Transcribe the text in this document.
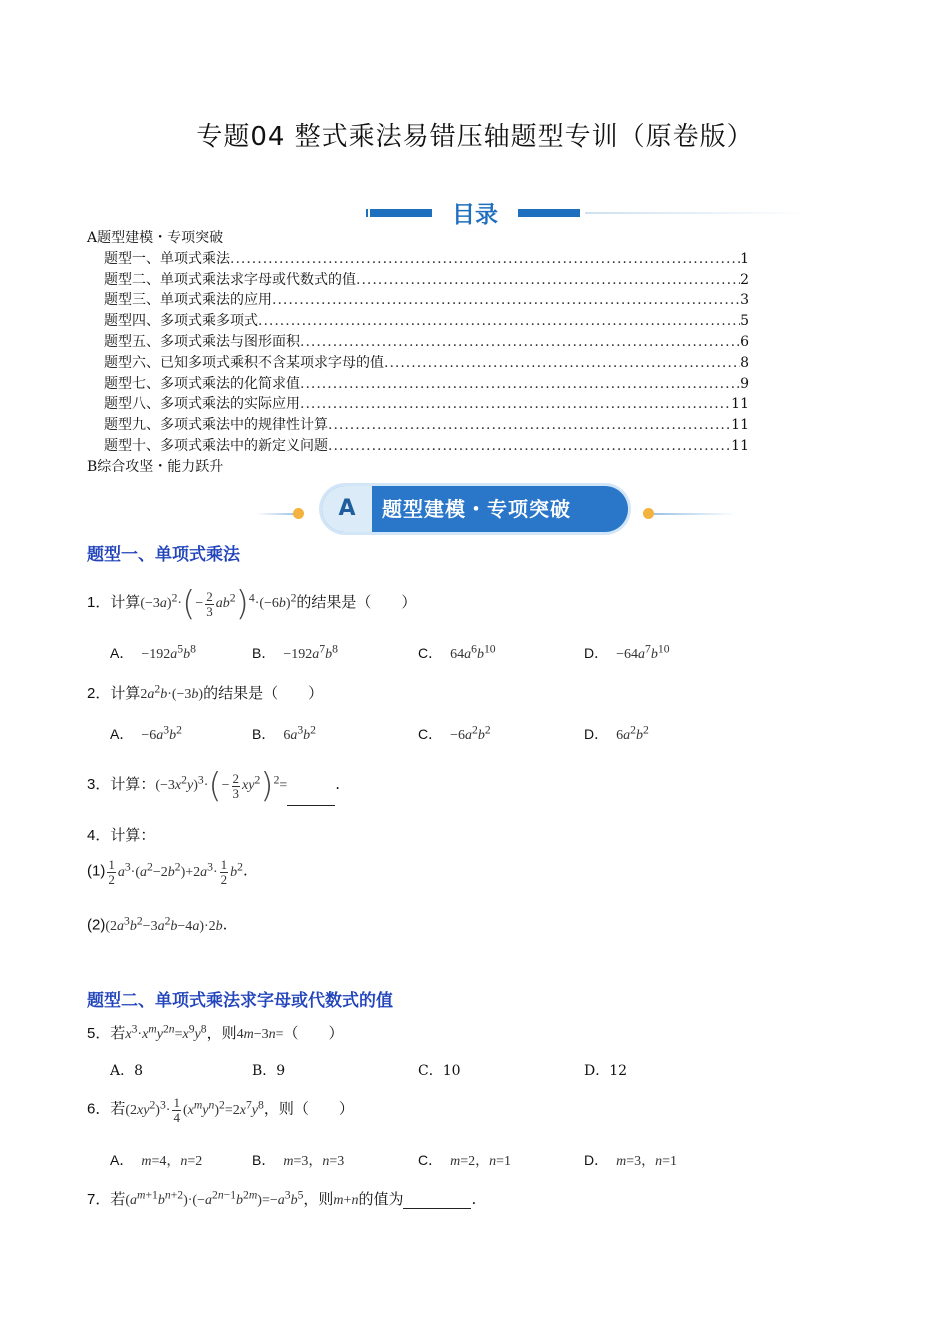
专题04 整式乘法易错压轴题型专训（原卷版）
目录
A题型建模・专项突破
题型一、单项式乘法 .....	1
题型二、单项式乘法求字母或代数式的值 .....	2
题型三、单项式乘法的应用 .....	3
题型四、多项式乘多项式 .....	5
题型五、多项式乘法与图形面积 .....	6
题型六、已知多项式乘积不含某项求字母的值 .....	8
题型七、多项式乘法的化简求值 .....	9
题型八、多项式乘法的实际应用 .....	11
题型九、多项式乘法中的规律性计算 .....	11
题型十、多项式乘法中的新定义问题 .....	11
B综合攻坚・能力跃升
A	题型建模・专项突破
题型一、单项式乘法
1．计算$(-3a)^2\cdot(- \frac{2}{3} ab^2)^4\cdot(-6b)^2$的结果是（　　）
A． $-192a^5b^8$	B． $-192a^7b^8$	C． $64a^6b^{10}$	D． $-64a^7b^{10}$
2．计算$2a^2b\cdot(-3b)$的结果是（　　）
A． $-6a^3b^2$	B． $6a^3b^2$	C． $-6a^2b^2$	D． $6a^2b^2$
3．计算：$(-3x^2y)^3\cdot(- \frac{2}{3} xy^2)^2=$	.
4．计算：
$(1) \frac{1}{2} a^3\cdot(a^2-2b^2)+2a^3\cdot \frac{1}{2} b^2$.
$(2)(2a^3b^2-3a^2b-4a)\cdot 2b$.
题型二、单项式乘法求字母或代数式的值
5．若$x^3\cdot x^my^{2n}=x^9y^8$，则4m−3n=（　　）
A．8	B．9	C．10	D．12
6．若$(2xy^2)^3\cdot \frac{1}{4} (x^my^n)^2=2x^7y^8$，则（　　）
A． m=4，n=2	B． m=3，n=3	C． m=2，n=1	D． m=3，n=1
7．若$(a^{m+1}b^{n+2})\cdot(-a^{2n-1}b^{2m})=-a^3b^5$，则m+n的值为	.
